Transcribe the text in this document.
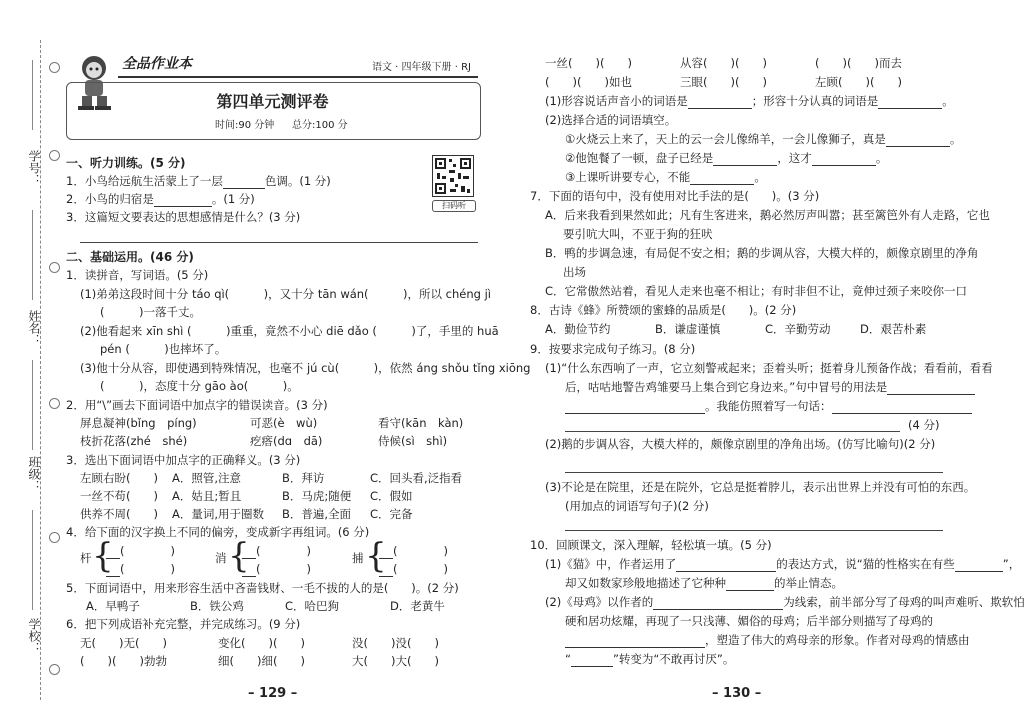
学号：
姓名：
班级：
学校：
全品作业本	语文 · 四年级下册 · RJ
第四单元测评卷
时间:90 分钟 总分:100 分
扫码听
一、听力训练。(5 分)
1．小鸟给远航生活蒙上了一层	色调。(1 分)
2．小鸟的归宿是	。(1 分)
3．这篇短文要表达的思想感情是什么？(3 分)
二、基础运用。(46 分)
1．读拼音，写词语。(5 分)
(1)弟弟这段时间十分 táo qì(　　　)，又十分 tān wán(　　　)，所以 chéng jì
(　　　)一落千丈。
(2)他看起来 xīn shì (　　　)重重，竟然不小心 diē dǎo (　　　)了，手里的 huā
pén (　　　)也摔坏了。
(3)他十分从容，即使遇到特殊情况，也毫不 jú cù(　　　)，依然 áng shǒu tǐng xiōng
(　　　)，态度十分 gāo ào(　　　)。
2．用“\”画去下面词语中加点字的错误读音。(3 分)
屏息凝神(bǐng　píng)	可恶(è　wù)	看守(kān　kàn)
枝折花落(zhé　shé)	疙瘩(dɑ　dā)	侍候(sì　shì)
3．选出下面词语中加点字的正确释义。(3 分)
左顾右盼(　　) A．照管,注意	B．拜访	C．回头看,泛指看
一丝不苟(　　) A．姑且;暂且	B．马虎;随便 C．假如
供养不周(　　) A．量词,用于圈数 B．普遍,全面 C．完备
4．给下面的汉字换上不同的偏旁，变成新字再组词。(6 分)
杆 { (　　　　)
(　　　　)
消 { (　　　　)
(　　　　)
捕 { (　　　　)
(　　　　)
5．下面词语中，用来形容生活中吝啬钱财、一毛不拔的人的是(　　)。(2 分)
A．早鸭子	B．铁公鸡	C．哈巴狗	D．老黄牛
6．把下列成语补充完整，并完成练习。(9 分)
无(　　)无(　　)	变化(　　)(　　)	没(　　)没(　　)
(　　)(　　)勃勃	细(　　)细(　　)	大(　　)大(　　)
– 129 –
一丝(　　)(　　)	从容(　　)(　　)	(　　)(　　)而去
(　　)(　　)如也	三眼(　　)(　　)	左顾(　　)(　　)
(1)形容说话声音小的词语是	；形容十分认真的词语是	。
(2)选择合适的词语填空。
①火烧云上来了，天上的云一会儿像绵羊，一会儿像狮子，真是	。
②他饱餐了一顿，盘子已经是	，这才	。
③上课听讲要专心，不能	。
7．下面的语句中，没有使用对比手法的是(　　)。(3 分)
A．后来我看到果然如此；凡有生客进来，鹅必然厉声叫嚣；甚至篱笆外有人走路，它也
要引吭大叫，不亚于狗的狂吠
B．鸭的步调急速，有局促不安之相；鹅的步调从容，大模大样的，颇像京剧里的净角
出场
C．它常傲然站着，看见人走来也毫不相让；有时非但不让，竟伸过颈子来咬你一口
8．古诗《蜂》所赞颂的蜜蜂的品质是(　　)。(2 分)
A．勤俭节约	B．谦虚谨慎	C．辛勤劳动	D．艰苦朴素
9．按要求完成句子练习。(8 分)
(1)“什么东西响了一声，它立刻警戒起来；歪着头听；挺着身儿预备作战；看看前，看看
后，咕咕地警告鸡雏要马上集合到它身边来。”句中冒号的用法是
。我能仿照着写一句话：
(4 分)
(2)鹅的步调从容，大模大样的，颇像京剧里的净角出场。(仿写比喻句)(2 分)
(3)不论是在院里，还是在院外，它总是挺着脖儿，表示出世界上并没有可怕的东西。
(用加点的词语写句子)(2 分)
10．回顾课文，深入理解，轻松填一填。(5 分)
(1)《猫》中，作者运用了	的表达方式，说“猫的性格实在有些	”，
却又如数家珍般地描述了它种种	的举止情态。
(2)《母鸡》以作者的	为线索，前半部分写了母鸡的叫声难听、欺软怕
硬和居功炫耀，再现了一只浅薄、媚俗的母鸡；后半部分则描写了母鸡的
，塑造了伟大的鸡母亲的形象。作者对母鸡的情感由
“	”转变为“不敢再讨厌”。
– 130 –
